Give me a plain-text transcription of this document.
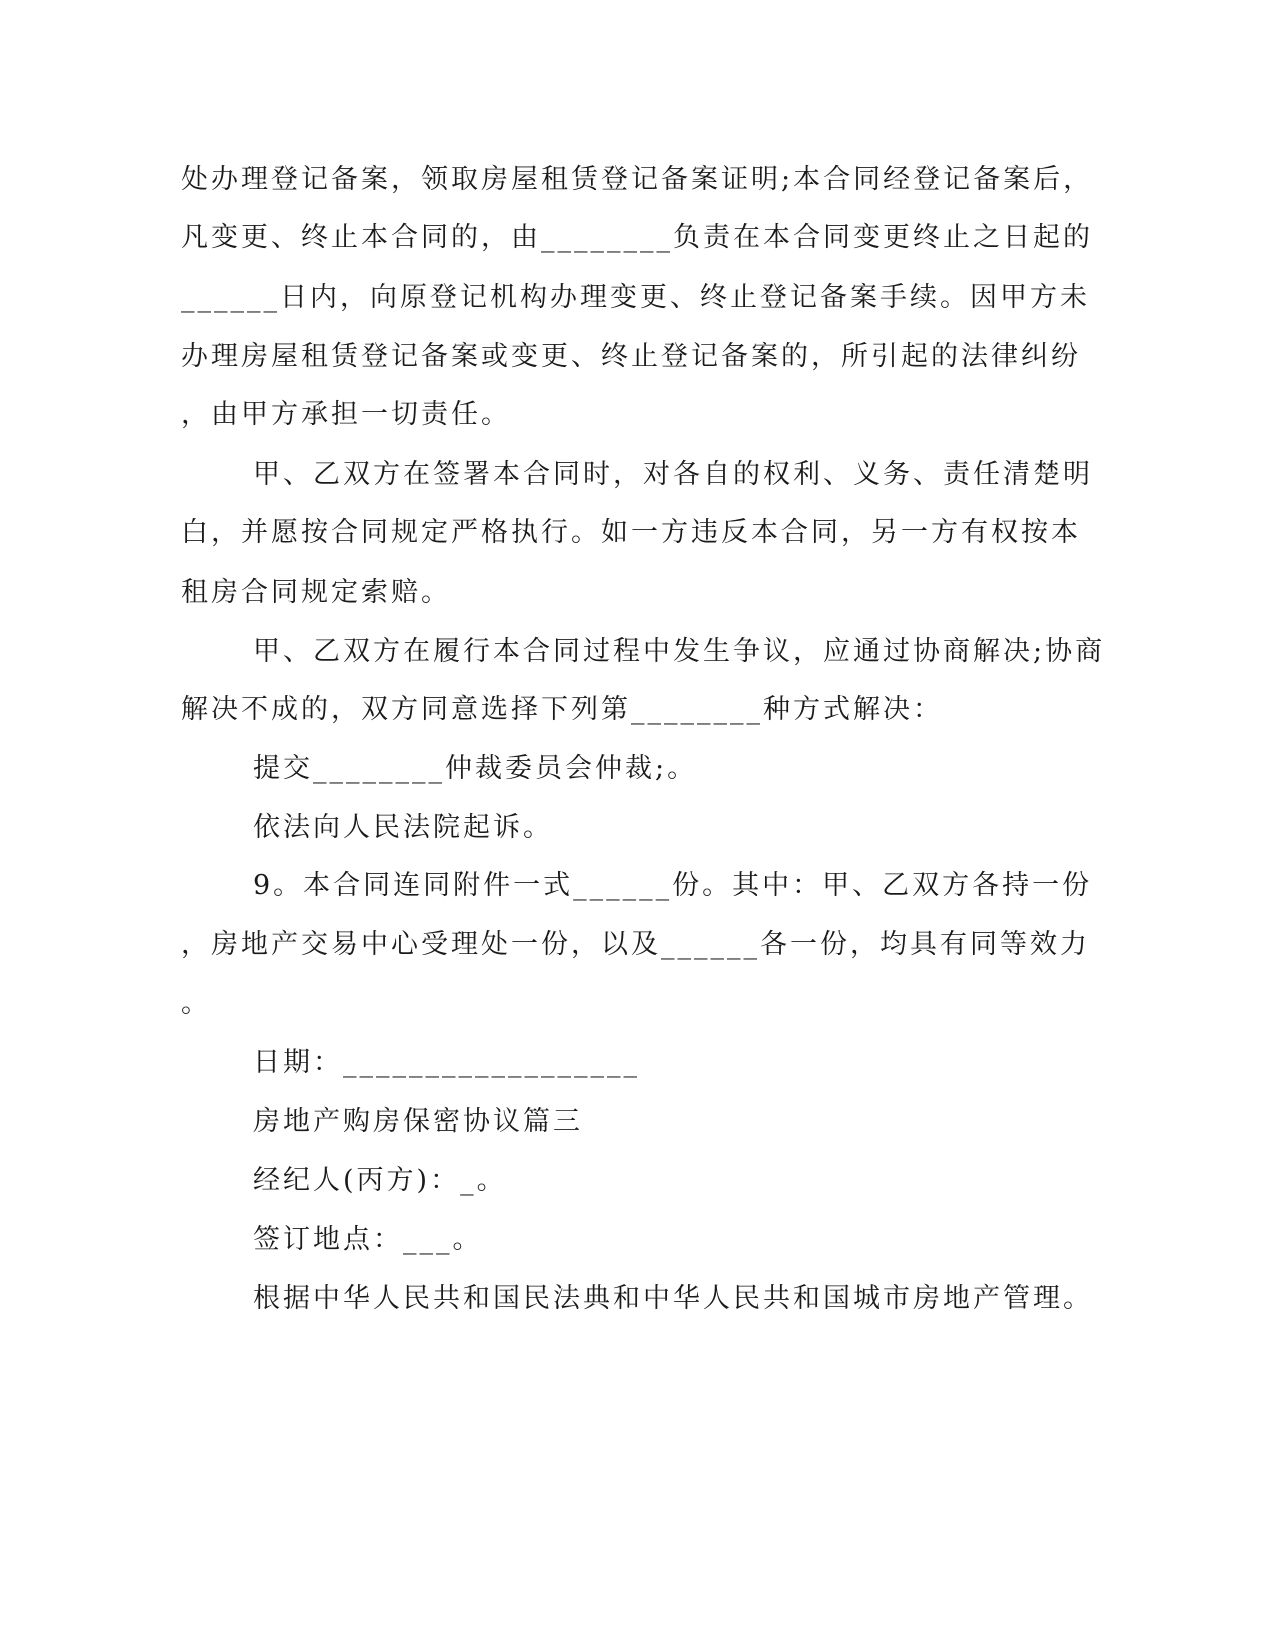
处办理登记备案，领取房屋租赁登记备案证明;本合同经登记备案后，
凡变更、终止本合同的，由________负责在本合同变更终止之日起的
______日内，向原登记机构办理变更、终止登记备案手续。因甲方未
办理房屋租赁登记备案或变更、终止登记备案的，所引起的法律纠纷
，由甲方承担一切责任。
甲、乙双方在签署本合同时，对各自的权利、义务、责任清楚明
白，并愿按合同规定严格执行。如一方违反本合同，另一方有权按本
租房合同规定索赔。
甲、乙双方在履行本合同过程中发生争议，应通过协商解决;协商
解决不成的，双方同意选择下列第________种方式解决：
提交________仲裁委员会仲裁;。
依法向人民法院起诉。
9。本合同连同附件一式______份。其中：甲、乙双方各持一份
，房地产交易中心受理处一份，以及______各一份，均具有同等效力
。
日期：__________________
房地产购房保密协议篇三
经纪人(丙方)：_。
签订地点：___。
根据中华人民共和国民法典和中华人民共和国城市房地产管理。
